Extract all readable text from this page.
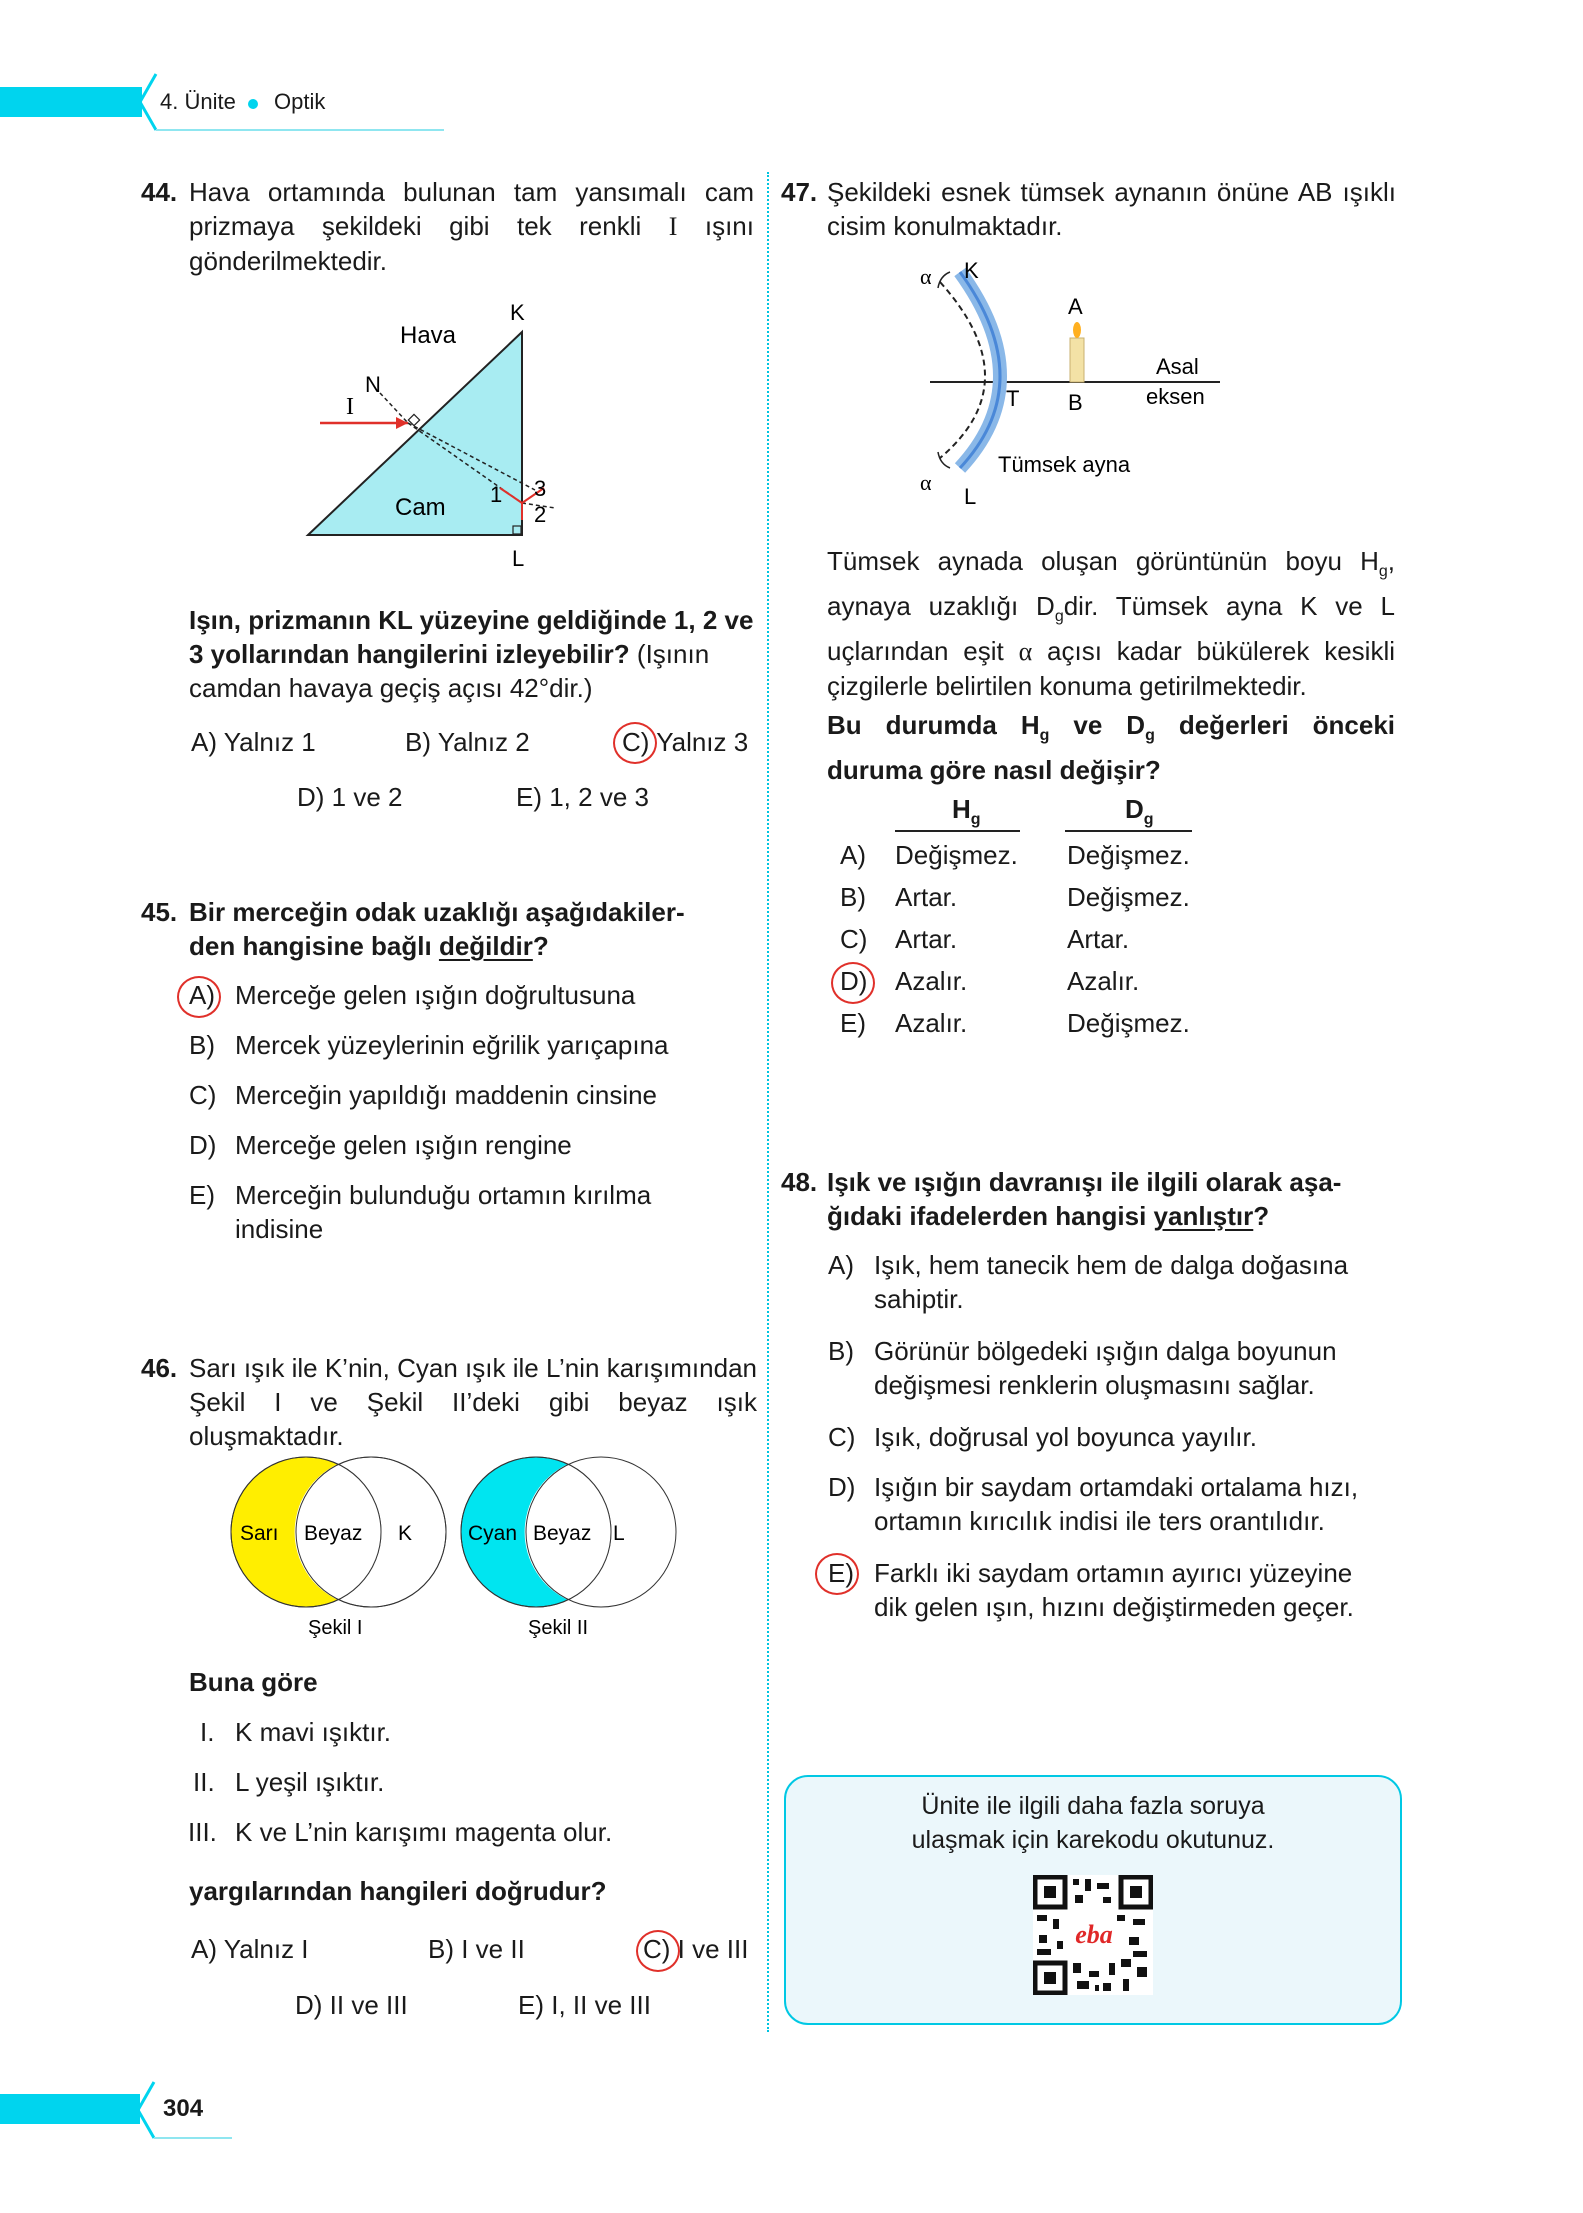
4. Ünite Optik
44. Hava ortamında bulunan tam yansımalı cam prizmaya şekildeki gibi tek renkli I ışını gönderilmektedir.
Hava
K
N
I
Cam 1
2
3
L
Işın, prizmanın KL yüzeyine geldiğinde 1, 2 ve 3 yollarından hangilerini izleyebilir? (Işının camdan havaya geçiş açısı 42°dir.)
A) Yalnız 1	B) Yalnız 2	C) Yalnız 3
D) 1 ve 2	E) 1, 2 ve 3
45. Bir merceğin odak uzaklığı aşağıdakiler-
den hangisine bağlı değildir?
A) Merceğe gelen ışığın doğrultusuna
B) Mercek yüzeylerinin eğrilik yarıçapına
C) Merceğin yapıldığı maddenin cinsine
D) Merceğe gelen ışığın rengine
E) Merceğin bulunduğu ortamın kırılma indisine
46. Sarı ışık ile K’nin, Cyan ışık ile L’nin karışımından Şekil I ve Şekil II’deki gibi beyaz ışık oluşmaktadır.
Sarı Beyaz K
Şekil I
Cyan Beyaz L
Şekil II
Buna göre
I. K mavi ışıktır.
II. L yeşil ışıktır.
III. K ve L’nin karışımı magenta olur.
yargılarından hangileri doğrudur?
A) Yalnız I	B) I ve II	C) I ve III
D) II ve III	E) I, II ve III
47. Şekildeki esnek tümsek aynanın önüne AB ışıklı cisim konulmaktadır.
α K
A
T B
Asal
eksen
Tümsek ayna
α
L
Tümsek aynada oluşan görüntünün boyu $H_g$, aynaya uzaklığı $D_gdir$. Tümsek ayna K ve L uçlarından eşit α açısı kadar bükülerek kesikli çizgilerle belirtilen konuma getirilmektedir.
Bu durumda $H_g$ ve $D_g$ değerleri önceki duruma göre nasıl değişir?
$H_g$	$D_g$
A) Değişmez. Değişmez.
B) Artar.	Değişmez.
C) Artar.	Artar.
D) Azalır.	Azalır.
E) Azalır.	Değişmez.
48. Işık ve ışığın davranışı ile ilgili olarak aşa-
ğıdaki ifadelerden hangisi yanlıştır?
A) Işık, hem tanecik hem de dalga doğasına
sahiptir.
B) Görünür bölgedeki ışığın dalga boyunun
değişmesi renklerin oluşmasını sağlar.
C) Işık, doğrusal yol boyunca yayılır.
D) Işığın bir saydam ortamdaki ortalama hızı,
ortamın kırıcılık indisi ile ters orantılıdır.
E) Farklı iki saydam ortamın ayırıcı yüzeyine
dik gelen ışın, hızını değiştirmeden geçer.
Ünite ile ilgili daha fazla soruya
ulaşmak için karekodu okutunuz.
eba
304
